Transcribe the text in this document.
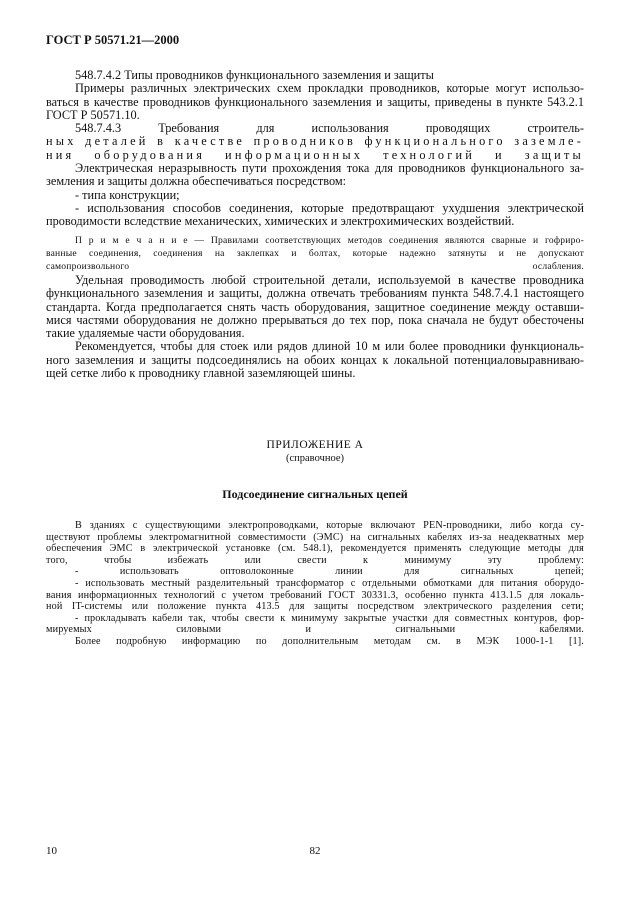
ГОСТ Р 50571.21—2000
548.7.4.2 Типы проводников функционального заземления и защиты
Примеры различных электрических схем прокладки проводников, которые могут использо-
ваться в качестве проводников функционального заземления и защиты, приведены в пункте 543.2.1
ГОСТ Р 50571.10.
548.7.4.3 Требования для использования проводящих строитель-
ных деталей в качестве проводников функционального заземле-
ния оборудования информационных технологий и защиты
Электрическая неразрывность пути прохождения тока для проводников функционального за-
земления и защиты должна обеспечиваться посредством:
- типа конструкции;
- использования способов соединения, которые предотвращают ухудшения электрической
проводимости вследствие механических, химических и электрохимических воздействий.
П р и м е ч а н и е — Правилами соответствующих методов соединения являются сварные и гофриро-
ванные соединения, соединения на заклепках и болтах, которые надежно затянуты и не допускают
самопроизвольного ослабления.
Удельная проводимость любой строительной детали, используемой в качестве проводника
функционального заземления и защиты, должна отвечать требованиям пункта 548.7.4.1 настоящего
стандарта. Когда предполагается снять часть оборудования, защитное соединение между оставши-
мися частями оборудования не должно прерываться до тех пор, пока сначала не будут обесточены
такие удаляемые части оборудования.
Рекомендуется, чтобы для стоек или рядов длиной 10 м или более проводники функциональ-
ного заземления и защиты подсоединялись на обоих концах к локальной потенциаловыравниваю-
щей сетке либо к проводнику главной заземляющей шины.
ПРИЛОЖЕНИЕ А
(справочное)
Подсоединение сигнальных цепей
В зданиях с существующими электропроводками, которые включают PEN-проводники, либо когда су-
ществуют проблемы электромагнитной совместимости (ЭМС) на сигнальных кабелях из-за неадекватных мер
обеспечения ЭМС в электрической установке (см. 548.1), рекомендуется применять следующие методы для
того, чтобы избежать или свести к минимуму эту проблему:
- использовать оптоволоконные линии для сигнальных цепей;
- использовать местный разделительный трансформатор с отдельными обмотками для питания оборудо-
вания информационных технологий с учетом требований ГОСТ 30331.3, особенно пункта 413.1.5 для локаль-
ной IT-системы или положение пункта 413.5 для защиты посредством электрического разделения сети;
- прокладывать кабели так, чтобы свести к минимуму закрытые участки для совместных контуров, фор-
мируемых силовыми и сигнальными кабелями.
Более подробную информацию по дополнительным методам см. в МЭК 1000-1-1 [1].
10	82
